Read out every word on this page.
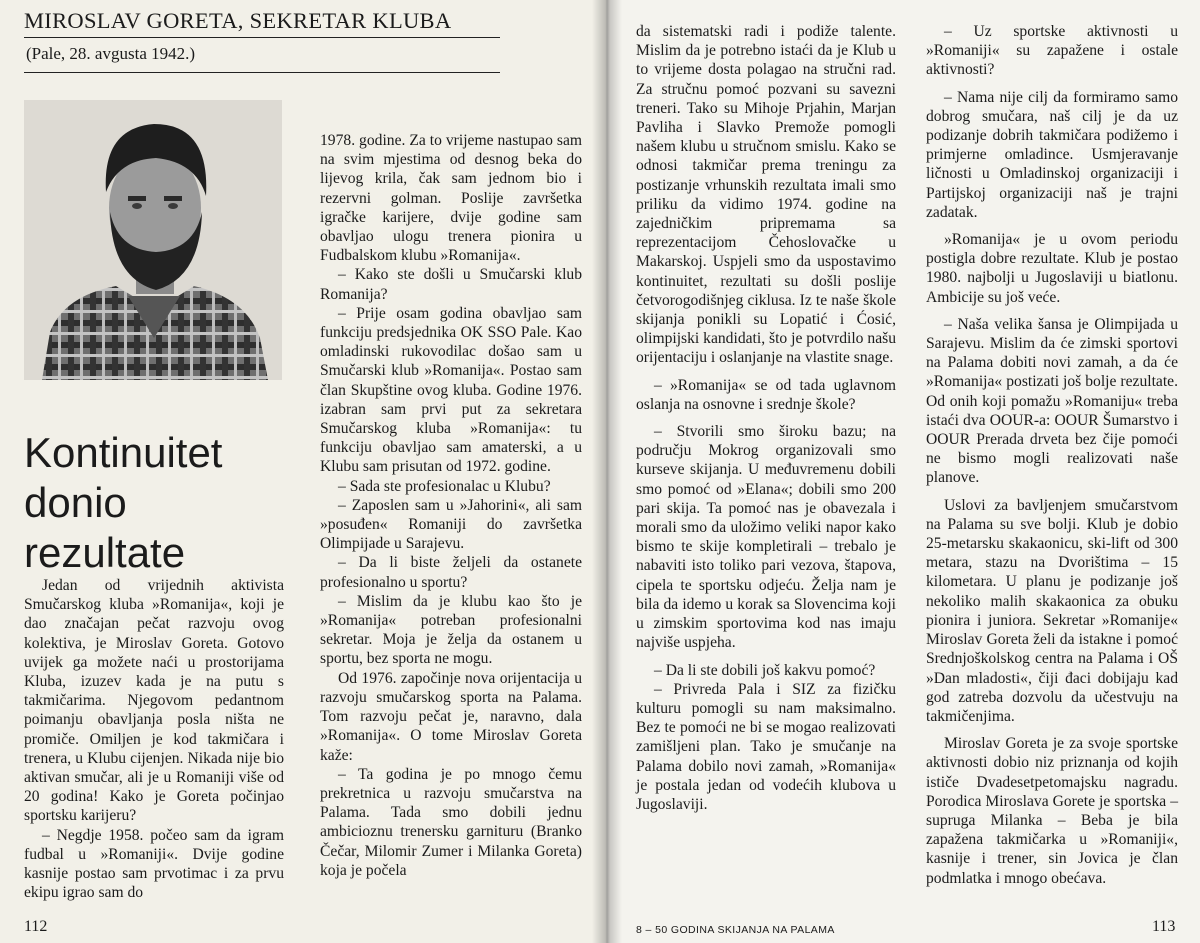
MIROSLAV GORETA, SEKRETAR KLUBA
(Pale, 28. avgusta 1942.)
Kontinuitet
donio
rezultate

Jedan od vrijednih aktivista Smučarskog kluba »Romanija«, koji je dao značajan pečat razvoju ovog kolektiva, je Miroslav Goreta. Gotovo uvijek ga možete naći u prostorijama Kluba, izuzev kada je na putu s takmičarima. Njegovom pedantnom poimanju obavljanja posla ništa ne promiče. Omiljen je kod takmičara i trenera, u Klubu cijenjen. Nikada nije bio aktivan smučar, ali je u Romaniji više od 20 godina! Kako je Goreta počinjao sportsku karijeru?

– Negdje 1958. počeo sam da igram fudbal u »Romaniji«. Dvije godine kasnije postao sam prvotimac i za prvu ekipu igrao sam do

1978. godine. Za to vrijeme nastupao sam na svim mjestima od desnog beka do lijevog krila, čak sam jednom bio i rezervni golman. Poslije završetka igračke karijere, dvije godine sam obavljao ulogu trenera pionira u Fudbalskom klubu »Romanija«.

– Kako ste došli u Smučarski klub Romanija?

– Prije osam godina obavljao sam funkciju predsjednika OK SSO Pale. Kao omladinski rukovodilac došao sam u Smučarski klub »Romanija«. Postao sam član Skupštine ovog kluba. Godine 1976. izabran sam prvi put za sekretara Smučarskog kluba »Romanija«: tu funkciju obavljao sam amaterski, a u Klubu sam prisutan od 1972. godine.

– Sada ste profesionalac u Klubu?

– Zaposlen sam u »Jahorini«, ali sam »posuđen« Romaniji do završetka Olimpijade u Sarajevu.

– Da li biste željeli da ostanete profesionalno u sportu?

– Mislim da je klubu kao što je »Romanija« potreban profesionalni sekretar. Moja je želja da ostanem u sportu, bez sporta ne mogu.

Od 1976. započinje nova orijentacija u razvoju smučarskog sporta na Palama. Tom razvoju pečat je, naravno, dala »Romanija«. O tome Miroslav Goreta kaže:

– Ta godina je po mnogo čemu prekretnica u razvoju smučarstva na Palama. Tada smo dobili jednu ambicioznu trenersku garnituru (Branko Čečar, Milomir Zumer i Milanka Goreta) koja je počela

112

da sistematski radi i podiže talente. Mislim da je potrebno istaći da je Klub u to vrijeme dosta polagao na stručni rad. Za stručnu pomoć pozvani su savezni treneri. Tako su Mihoje Prjahin, Marjan Pavliha i Slavko Premože pomogli našem klubu u stručnom smislu. Kako se odnosi takmičar prema treningu za postizanje vrhunskih rezultata imali smo priliku da vidimo 1974. godine na zajedničkim pripremama sa reprezentacijom Čehoslovačke u Makarskoj. Uspjeli smo da uspostavimo kontinuitet, rezultati su došli poslije četvorogodišnjeg ciklusa. Iz te naše škole skijanja ponikli su Lopatić i Ćosić, olimpijski kandidati, što je potvrdilo našu orijentaciju i oslanjanje na vlastite snage.

– »Romanija« se od tada uglavnom oslanja na osnovne i srednje škole?

– Stvorili smo široku bazu; na području Mokrog organizovali smo kurseve skijanja. U međuvremenu dobili smo pomoć od »Elana«; dobili smo 200 pari skija. Ta pomoć nas je obavezala i morali smo da uložimo veliki napor kako bismo te skije kompletirali – trebalo je nabaviti isto toliko pari vezova, štapova, cipela te sportsku odjeću. Želja nam je bila da idemo u korak sa Slovencima koji u zimskim sportovima kod nas imaju najviše uspjeha.

– Da li ste dobili još kakvu pomoć?

– Privreda Pala i SIZ za fizičku kulturu pomogli su nam maksimalno. Bez te pomoći ne bi se mogao realizovati zamišljeni plan. Tako je smučanje na Palama dobilo novi zamah, »Romanija« je postala jedan od vodećih klubova u Jugoslaviji.

– Uz sportske aktivnosti u »Romaniji« su zapažene i ostale aktivnosti?

– Nama nije cilj da formiramo samo dobrog smučara, naš cilj je da uz podizanje dobrih takmičara podižemo i primjerne omladince. Usmjeravanje ličnosti u Omladinskoj organizaciji i Partijskoj organizaciji naš je trajni zadatak.

»Romanija« je u ovom periodu postigla dobre rezultate. Klub je postao 1980. najbolji u Jugoslaviji u biatlonu. Ambicije su još veće.

– Naša velika šansa je Olimpijada u Sarajevu. Mislim da će zimski sportovi na Palama dobiti novi zamah, a da će »Romanija« postizati još bolje rezultate. Od onih koji pomažu »Romaniju« treba istaći dva OOUR-a: OOUR Šumarstvo i OOUR Prerada drveta bez čije pomoći ne bismo mogli realizovati naše planove.

Uslovi za bavljenjem smučarstvom na Palama su sve bolji. Klub je dobio 25-metarsku skakaonicu, ski-lift od 300 metara, stazu na Dvorištima – 15 kilometara. U planu je podizanje još nekoliko malih skakaonica za obuku pionira i juniora. Sekretar »Romanije« Miroslav Goreta želi da istakne i pomoć Srednjoškolskog centra na Palama i OŠ »Dan mladosti«, čiji đaci dobijaju kad god zatreba dozvolu da učestvuju na takmičenjima.

Miroslav Goreta je za svoje sportske aktivnosti dobio niz priznanja od kojih ističe Dvadesetpetomajsku nagradu. Porodica Miroslava Gorete je sportska – supruga Milanka – Beba je bila zapažena takmičarka u »Romaniji«, kasnije i trener, sin Jovica je član podmlatka i mnogo obećava.

8 – 50 GODINA SKIJANJA NA PALAMA	113
